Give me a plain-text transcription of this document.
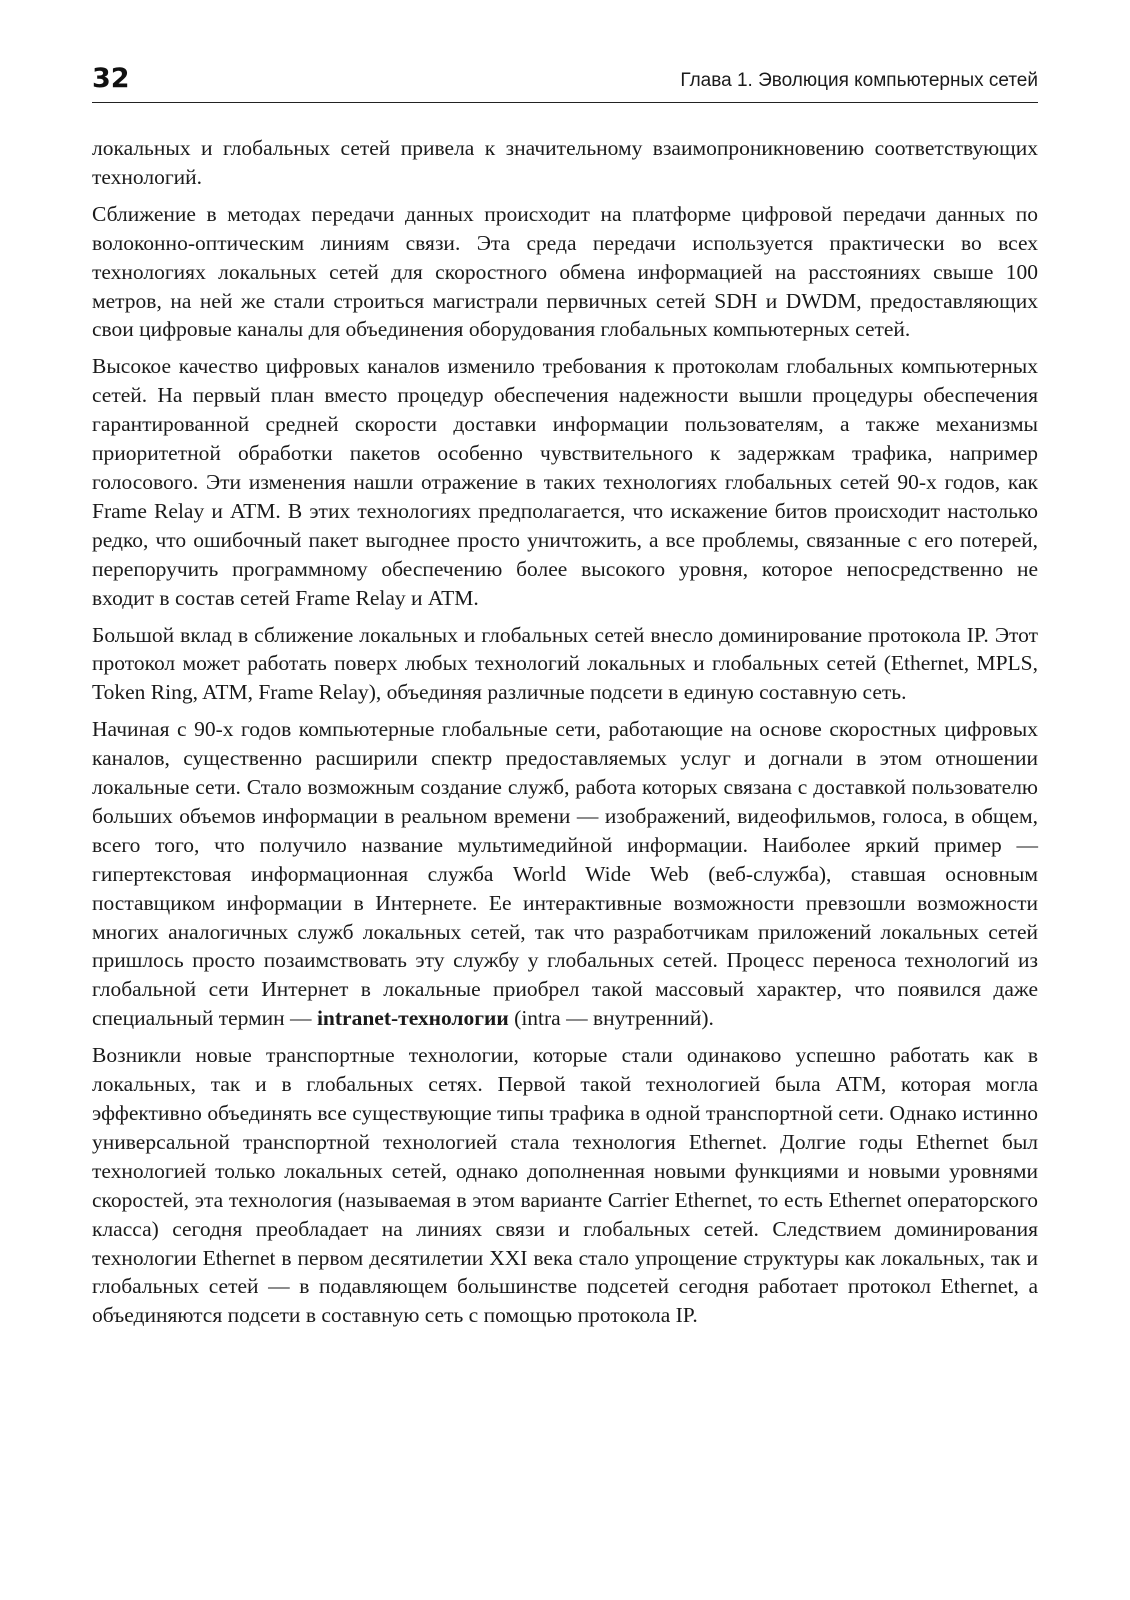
32	Глава 1. Эволюция компьютерных сетей

локальных и глобальных сетей привела к значительному взаимопроникновению соответствующих технологий.

Сближение в методах передачи данных происходит на платформе цифровой передачи данных по волоконно-оптическим линиям связи. Эта среда передачи используется практически во всех технологиях локальных сетей для скоростного обмена информацией на расстояниях свыше 100 метров, на ней же стали строиться магистрали первичных сетей SDH и DWDM, предоставляющих свои цифровые каналы для объединения оборудования глобальных компьютерных сетей.

Высокое качество цифровых каналов изменило требования к протоколам глобальных компьютерных сетей. На первый план вместо процедур обеспечения надежности вышли процедуры обеспечения гарантированной средней скорости доставки информации пользователям, а также механизмы приоритетной обработки пакетов особенно чувствительного к задержкам трафика, например голосового. Эти изменения нашли отражение в таких технологиях глобальных сетей 90-х годов, как Frame Relay и ATM. В этих технологиях предполагается, что искажение битов происходит настолько редко, что ошибочный пакет выгоднее просто уничтожить, а все проблемы, связанные с его потерей, перепоручить программному обеспечению более высокого уровня, которое непосредственно не входит в состав сетей Frame Relay и ATM.

Большой вклад в сближение локальных и глобальных сетей внесло доминирование протокола IP. Этот протокол может работать поверх любых технологий локальных и глобальных сетей (Ethernet, MPLS, Token Ring, ATM, Frame Relay), объединяя различные подсети в единую составную сеть.

Начиная с 90-х годов компьютерные глобальные сети, работающие на основе скоростных цифровых каналов, существенно расширили спектр предоставляемых услуг и догнали в этом отношении локальные сети. Стало возможным создание служб, работа которых связана с доставкой пользователю больших объемов информации в реальном времени — изображений, видеофильмов, голоса, в общем, всего того, что получило название мультимедийной информации. Наиболее яркий пример — гипертекстовая информационная служба World Wide Web (веб-служба), ставшая основным поставщиком информации в Интернете. Ее интерактивные возможности превзошли возможности многих аналогичных служб локальных сетей, так что разработчикам приложений локальных сетей пришлось просто позаимствовать эту службу у глобальных сетей. Процесс переноса технологий из глобальной сети Интернет в локальные приобрел такой массовый характер, что появился даже специальный термин — intranet-технологии (intra — внутренний).

Возникли новые транспортные технологии, которые стали одинаково успешно работать как в локальных, так и в глобальных сетях. Первой такой технологией была ATM, которая могла эффективно объединять все существующие типы трафика в одной транспортной сети. Однако истинно универсальной транспортной технологией стала технология Ethernet. Долгие годы Ethernet был технологией только локальных сетей, однако дополненная новыми функциями и новыми уровнями скоростей, эта технология (называемая в этом варианте Carrier Ethernet, то есть Ethernet операторского класса) сегодня преобладает на линиях связи и глобальных сетей. Следствием доминирования технологии Ethernet в первом десятилетии XXI века стало упрощение структуры как локальных, так и глобальных сетей — в подавляющем большинстве подсетей сегодня работает протокол Ethernet, а объединяются подсети в составную сеть с помощью протокола IP.
